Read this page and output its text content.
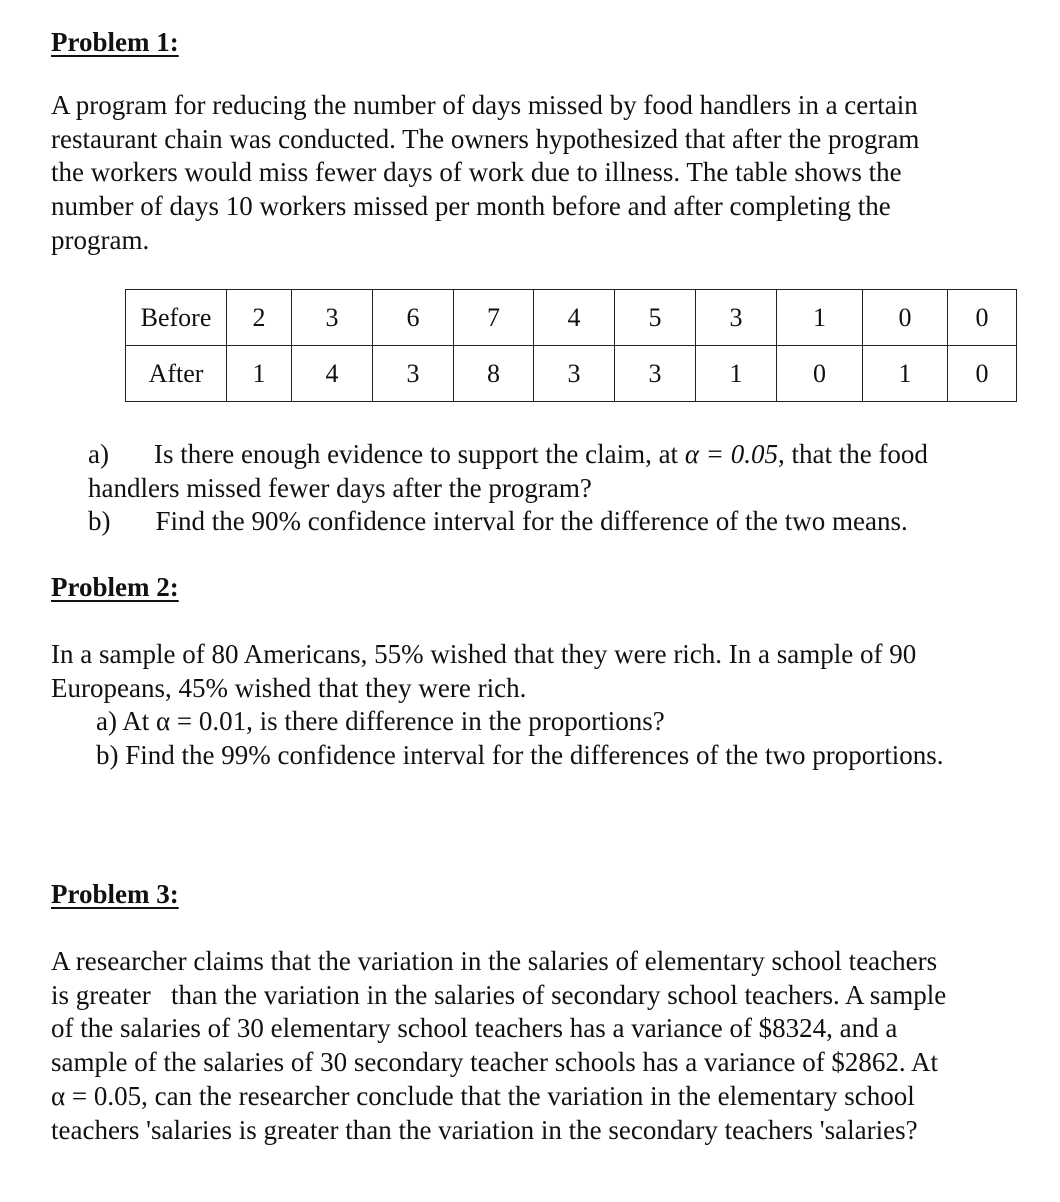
Problem 1:
A program for reducing the number of days missed by food handlers in a certain
restaurant chain was conducted. The owners hypothesized that after the program
the workers would miss fewer days of work due to illness. The table shows the
number of days 10 workers missed per month before and after completing the
program.
Before	2	3	6	7	4	5	3	1	0	0
After	1	4	3	8	3	3	1	0	1	0
a) Is there enough evidence to support the claim, at α = 0.05, that the food
handlers missed fewer days after the program?
b) Find the 90% confidence interval for the difference of the two means.
Problem 2:
In a sample of 80 Americans, 55% wished that they were rich. In a sample of 90
Europeans, 45% wished that they were rich.
a) At α = 0.01, is there difference in the proportions?
b) Find the 99% confidence interval for the differences of the two proportions.
Problem 3:
A researcher claims that the variation in the salaries of elementary school teachers
is greater   than the variation in the salaries of secondary school teachers. A sample
of the salaries of 30 elementary school teachers has a variance of $8324, and a
sample of the salaries of 30 secondary teacher schools has a variance of $2862. At
α = 0.05, can the researcher conclude that the variation in the elementary school
teachers 'salaries is greater than the variation in the secondary teachers 'salaries?
